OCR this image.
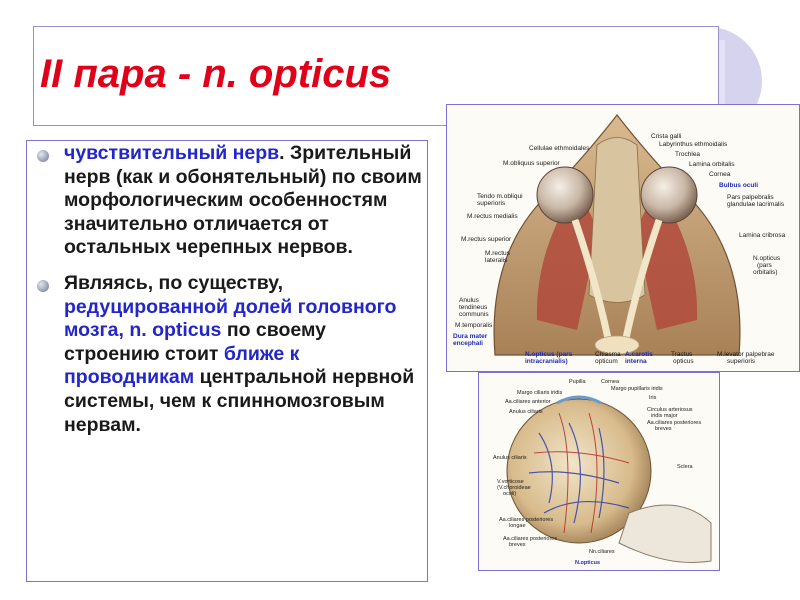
II пара - n. opticus
чувствительный нерв. Зрительный нерв (как и обонятельный) по своим морфологическим особенностям значительно отличается от остальных черепных нервов.
Являясь, по существу, редуцированной долей головного мозга, n. opticus по своему строению стоит ближе к проводникам центральной нервной системы, чем к спинномозговым нервам.
Crista galli
Labyrinthus ethmoidalis
Cellulae ethmoidales
Trochlea
M.obliquus superior	Lamina orbitalis
Cornea
Bulbus oculi
Tendo m.obliqui
superioris
Pars palpebralis
glandulae lacrimalis
M.rectus medialis
M.rectus superior
Lamina cribrosa
M.rectus
lateralis	N.opticus
(pars
orbitalis)
Anulus
tendineus
communis
M.temporalis
Dura mater
encephali
N.opticus (pars
intracranialis)
Chiasma
opticum
A.carotis
interna
Tractus
opticus
M.levator palpebrae
superioris
Pupilla	Cornea
Margo ciliaris iridis
Margo pupillaris iridis
Aa.ciliares anterior
Iris
Circulus arteriosus
iridis major
Aa.ciliares posteriores
breves
Anulus ciliaris
Anulus ciliaris
Sclera
V.vorticose
(V.choroideae
oculi)
Aa.ciliares posteriores
longae
Aa.ciliares posteriores
breves
Nn.ciliares
N.opticus
